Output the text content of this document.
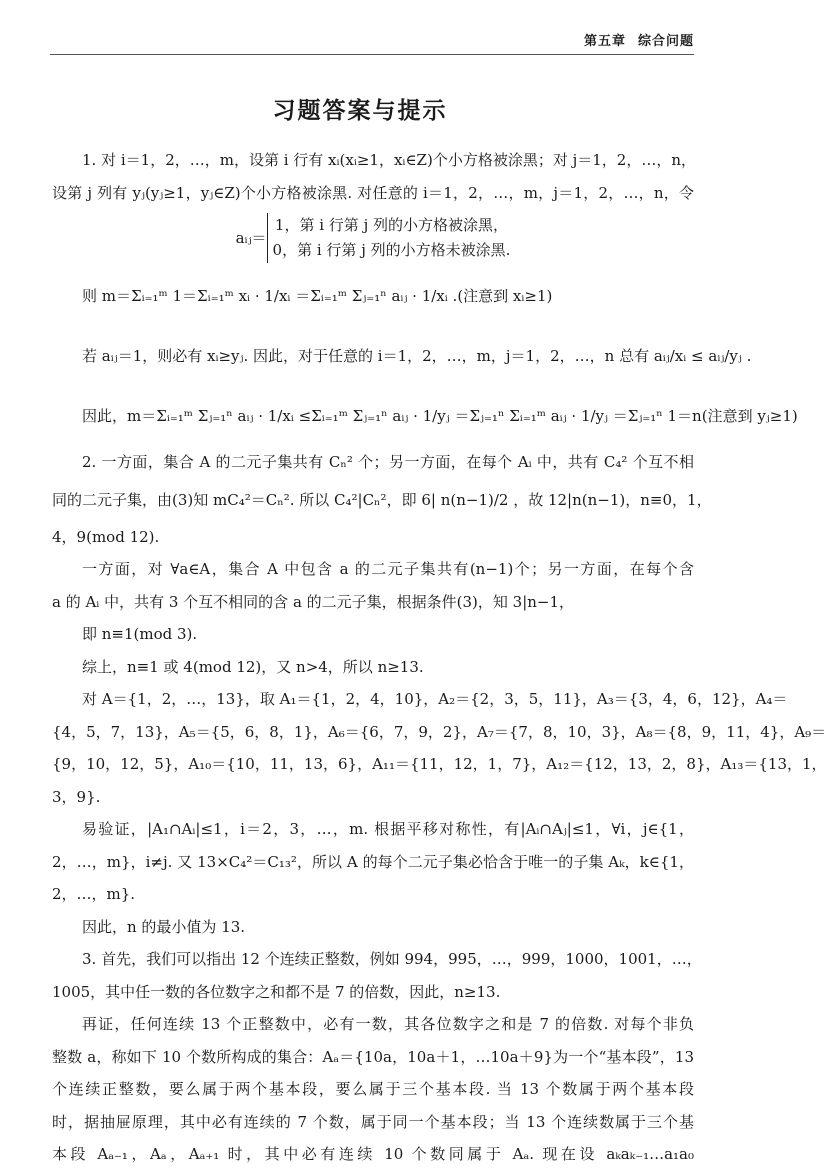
第五章 综合问题
习题答案与提示

1. 对 i＝1，2，…，m，设第 i 行有 xᵢ(xᵢ≥1，xᵢ∈Z)个小方格被涂黑；对 j＝1，2，…，n，

设第 j 列有 yⱼ(yⱼ≥1，yⱼ∈Z)个小方格被涂黑. 对任意的 i＝1，2，…，m，j＝1，2，…，n，令

aᵢⱼ＝1，第 i 行第 j 列的小方格被涂黑，
0，第 i 行第 j 列的小方格未被涂黑.

则 m＝Σᵢ₌₁ᵐ 1＝Σᵢ₌₁ᵐ xᵢ · 1/xᵢ ＝Σᵢ₌₁ᵐ Σⱼ₌₁ⁿ aᵢⱼ · 1/xᵢ .(注意到 xᵢ≥1)

若 aᵢⱼ＝1，则必有 xᵢ≥yⱼ. 因此，对于任意的 i＝1，2，…，m，j＝1，2，…，n 总有 aᵢⱼ/xᵢ ≤ aᵢⱼ/yⱼ .

因此，m＝Σᵢ₌₁ᵐ Σⱼ₌₁ⁿ aᵢⱼ · 1/xᵢ ≤Σᵢ₌₁ᵐ Σⱼ₌₁ⁿ aᵢⱼ · 1/yⱼ ＝Σⱼ₌₁ⁿ Σᵢ₌₁ᵐ aᵢⱼ · 1/yⱼ ＝Σⱼ₌₁ⁿ 1＝n(注意到 yⱼ≥1)

2. 一方面，集合 A 的二元子集共有 Cₙ² 个；另一方面，在每个 Aᵢ 中，共有 C₄² 个互不相

同的二元子集，由(3)知 mC₄²＝Cₙ². 所以 C₄²|Cₙ²，即 6| n(n−1)/2 ，故 12|n(n−1)，n≡0，1，

4，9(mod 12).

一方面，对 ∀a∈A，集合 A 中包含 a 的二元子集共有(n−1)个；另一方面，在每个含

a 的 Aᵢ 中，共有 3 个互不相同的含 a 的二元子集，根据条件(3)，知 3|n−1，

即 n≡1(mod 3).

综上，n≡1 或 4(mod 12)，又 n>4，所以 n≥13.

对 A＝{1，2，…，13}，取 A₁＝{1，2，4，10}，A₂＝{2，3，5，11}，A₃＝{3，4，6，12}，A₄＝

{4，5，7，13}，A₅＝{5，6，8，1}，A₆＝{6，7，9，2}，A₇＝{7，8，10，3}，A₈＝{8，9，11，4}，A₉＝

{9，10，12，5}，A₁₀＝{10，11，13，6}，A₁₁＝{11，12，1，7}，A₁₂＝{12，13，2，8}，A₁₃＝{13，1，

3，9}.

易验证，|A₁∩Aᵢ|≤1，i＝2，3，…，m. 根据平移对称性，有|Aᵢ∩Aⱼ|≤1，∀i，j∈{1，

2，…，m}，i≠j. 又 13×C₄²＝C₁₃²，所以 A 的每个二元子集必恰含于唯一的子集 Aₖ，k∈{1，

2，…，m}.

因此，n 的最小值为 13.

3. 首先，我们可以指出 12 个连续正整数，例如 994，995，…，999，1000，1001，…，

1005，其中任一数的各位数字之和都不是 7 的倍数，因此，n≥13.

再证，任何连续 13 个正整数中，必有一数，其各位数字之和是 7 的倍数. 对每个非负

整数 a，称如下 10 个数所构成的集合：Aₐ＝{10a，10a＋1，…10a＋9}为一个“基本段”，13

个连续正整数，要么属于两个基本段，要么属于三个基本段. 当 13 个数属于两个基本段

时，据抽屉原理，其中必有连续的 7 个数，属于同一个基本段；当 13 个连续数属于三个基

本段 Aₐ₋₁，Aₐ，Aₐ₊₁ 时，其中必有连续 10 个数同属于 Aₐ. 现在设 aₖaₖ₋₁…a₁a₀
